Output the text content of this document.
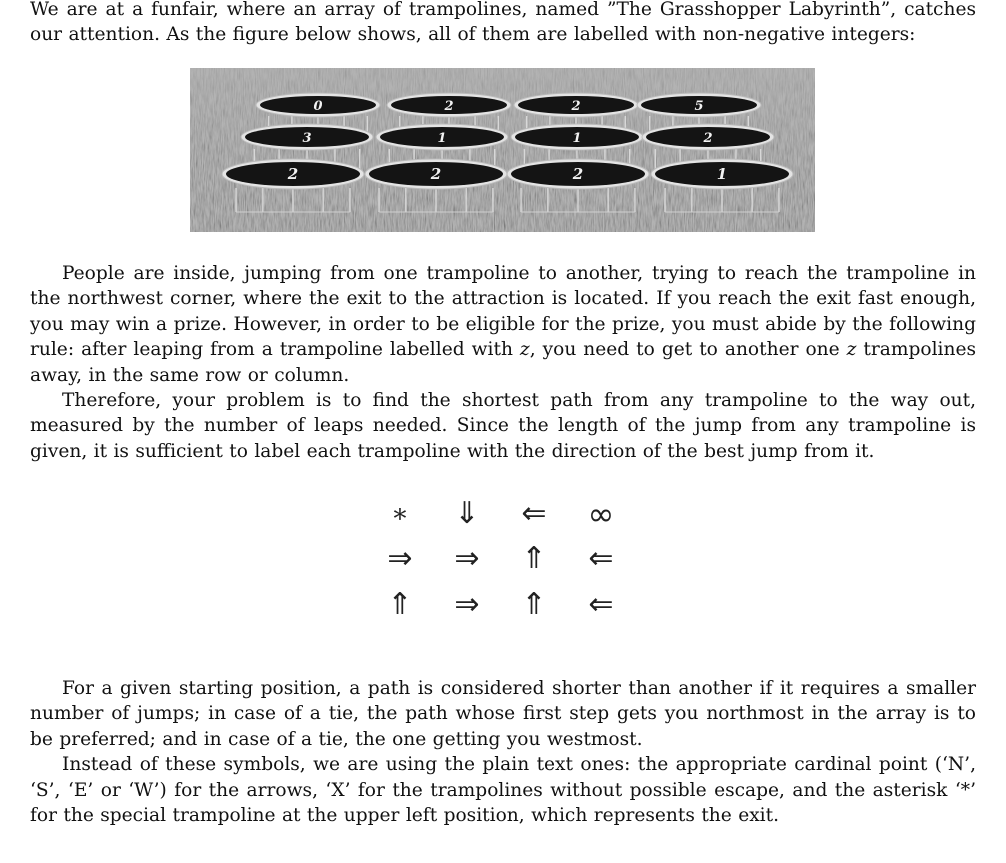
We are at a funfair, where an array of trampolines, named ”The Grasshopper Labyrinth”, catches our attention. As the figure below shows, all of them are labelled with non-negative integers:

0	2	2	5
3	1	1	2
2	2	2	1

People are inside, jumping from one trampoline to another, trying to reach the trampoline in the northwest corner, where the exit to the attraction is located. If you reach the exit fast enough, you may win a prize. However, in order to be eligible for the prize, you must abide by the following rule: after leaping from a trampoline labelled with z, you need to get to another one z trampolines away, in the same row or column.

Therefore, your problem is to find the shortest path from any trampoline to the way out, measured by the number of leaps needed. Since the length of the jump from any trampoline is given, it is sufficient to label each trampoline with the direction of the best jump from it.

∗	⇓	⇐	∞
⇒	⇒	⇑	⇐
⇑	⇒	⇑	⇐

For a given starting position, a path is considered shorter than another if it requires a smaller number of jumps; in case of a tie, the path whose first step gets you northmost in the array is to be preferred; and in case of a tie, the one getting you westmost.

Instead of these symbols, we are using the plain text ones: the appropriate cardinal point (‘N’, ‘S’, ‘E’ or ‘W’) for the arrows, ‘X’ for the trampolines without possible escape, and the asterisk ‘*’ for the special trampoline at the upper left position, which represents the exit.
